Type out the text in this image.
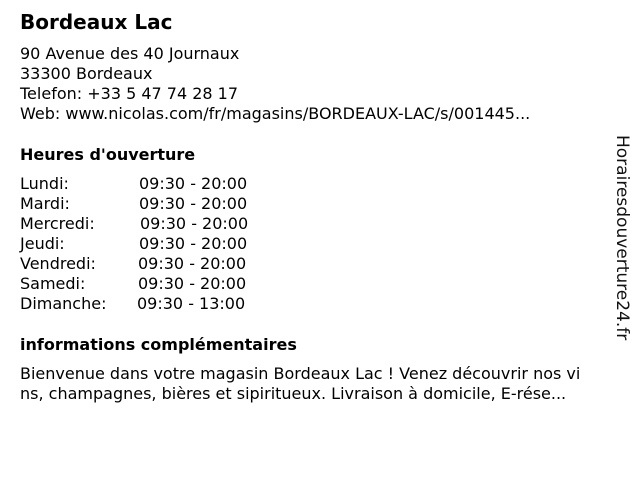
Bordeaux Lac
90 Avenue des 40 Journaux
33300 Bordeaux
Telefon: +33 5 47 74 28 17
Web: www.nicolas.com/fr/magasins/BORDEAUX-LAC/s/001445...
Heures d'ouverture
Lundi:	09:30 - 20:00
Mardi:	09:30 - 20:00
Mercredi:	09:30 - 20:00
Jeudi:	09:30 - 20:00
Vendredi:	09:30 - 20:00
Samedi:	09:30 - 20:00
Dimanche: 09:30 - 13:00
informations complémentaires
Bienvenue dans votre magasin Bordeaux Lac ! Venez découvrir nos vi
ns, champagnes, bières et sipiritueux. Livraison à domicile, E-rése...
Horairesdouverture24.fr
